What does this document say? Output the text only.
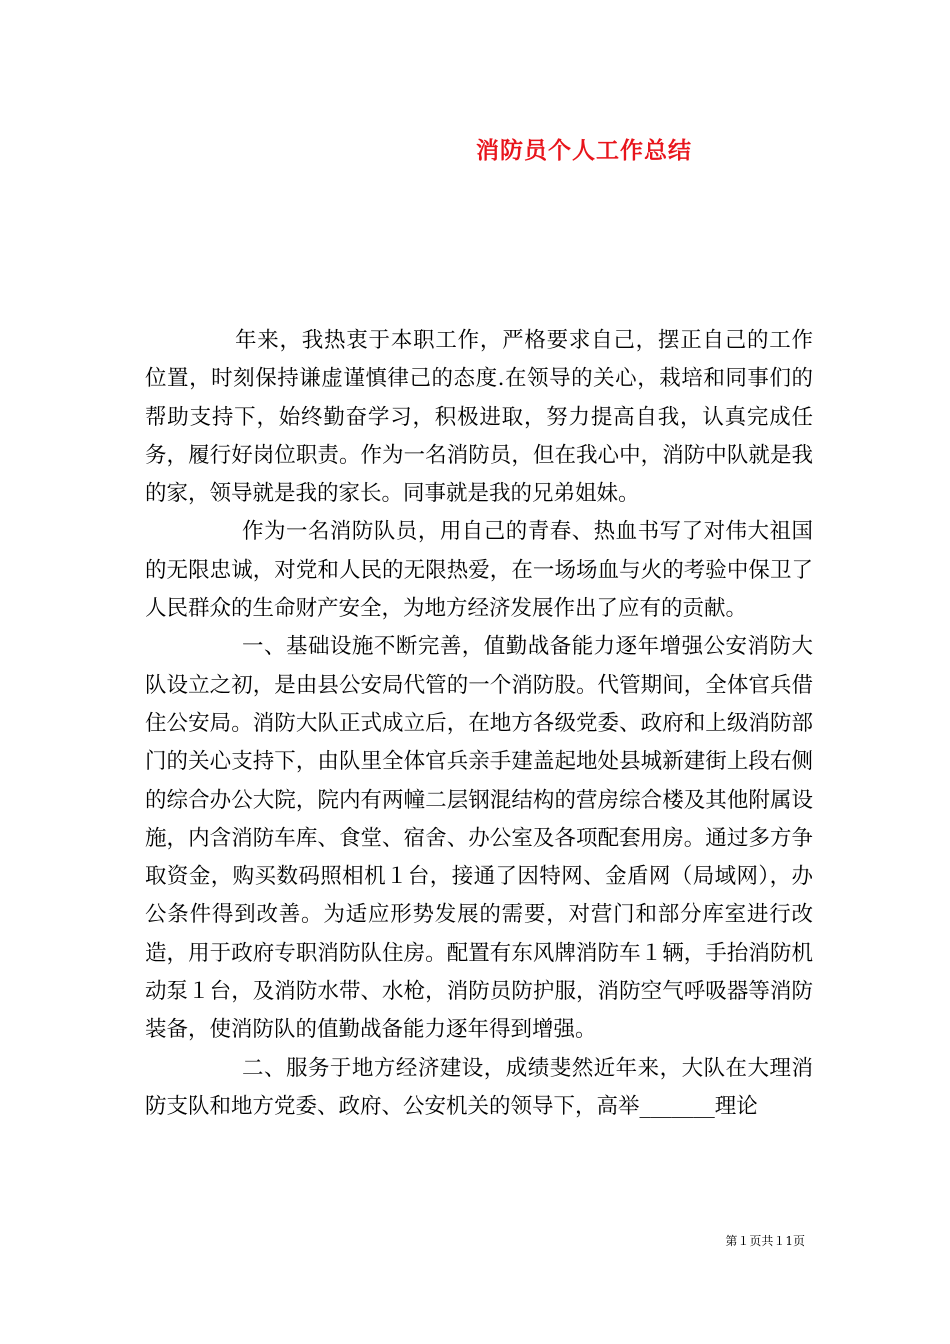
消防员个人工作总结

年来，我热衷于本职工作，严格要求自己，摆正自己的工作位置，时刻保持谦虚谨慎律己的态度.在领导的关心，栽培和同事们的帮助支持下，始终勤奋学习，积极进取，努力提高自我，认真完成任务，履行好岗位职责。作为一名消防员，但在我心中，消防中队就是我的家，领导就是我的家长。同事就是我的兄弟姐妹。

作为一名消防队员，用自己的青春、热血书写了对伟大祖国的无限忠诚，对党和人民的无限热爱，在一场场血与火的考验中保卫了人民群众的生命财产安全，为地方经济发展作出了应有的贡献。

一、基础设施不断完善，值勤战备能力逐年增强公安消防大队设立之初，是由县公安局代管的一个消防股。代管期间，全体官兵借住公安局。消防大队正式成立后，在地方各级党委、政府和上级消防部门的关心支持下，由队里全体官兵亲手建盖起地处县城新建街上段右侧的综合办公大院，院内有两幢二层钢混结构的营房综合楼及其他附属设施，内含消防车库、食堂、宿舍、办公室及各项配套用房。通过多方争取资金，购买数码照相机１台，接通了因特网、金盾网（局域网），办公条件得到改善。为适应形势发展的需要，对营门和部分库室进行改造，用于政府专职消防队住房。配置有东风牌消防车１辆，手抬消防机动泵１台，及消防水带、水枪，消防员防护服，消防空气呼吸器等消防装备，使消防队的值勤战备能力逐年得到增强。

二、服务于地方经济建设，成绩斐然近年来，大队在大理消防支队和地方党委、政府、公安机关的领导下，高举_______理论

第１页共１1页
